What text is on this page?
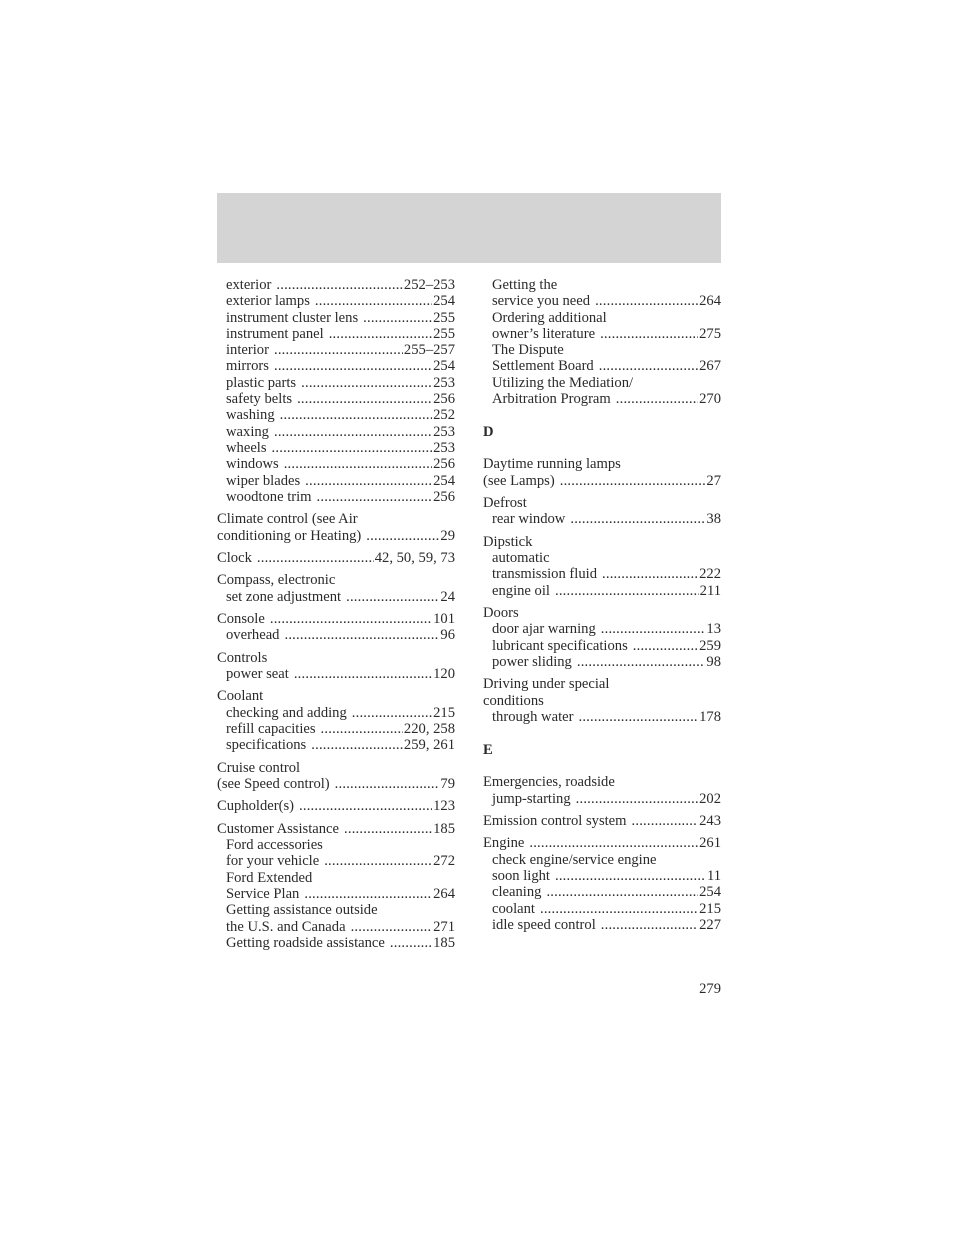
exterior .....	252–253
exterior lamps .....	254
instrument cluster lens .....	255
instrument panel .....	255
interior .....	255–257
mirrors .....	254
plastic parts .....	253
safety belts .....	256
washing .....	252
waxing .....	253
wheels .....	253
windows .....	256
wiper blades .....	254
woodtone trim .....	256
Climate control (see Air
conditioning or Heating) .....	29
Clock .....	42, 50, 59, 73
Compass, electronic
set zone adjustment .....	24
Console .....	101
overhead .....	96
Controls
power seat .....	120
Coolant
checking and adding .....	215
refill capacities .....	220, 258
specifications .....	259, 261
Cruise control
(see Speed control) .....	79
Cupholder(s) .....	123
Customer Assistance .....	185
Ford accessories
for your vehicle .....	272
Ford Extended
Service Plan .....	264
Getting assistance outside
the U.S. and Canada .....	271
Getting roadside assistance .....	185
Getting the
service you need .....	264
Ordering additional
owner’s literature .....	275
The Dispute
Settlement Board .....	267
Utilizing the Mediation/
Arbitration Program .....	270
D
Daytime running lamps
(see Lamps) .....	27
Defrost
rear window .....	38
Dipstick
automatic
transmission fluid .....	222
engine oil .....	211
Doors
door ajar warning .....	13
lubricant specifications .....	259
power sliding .....	98
Driving under special
conditions
through water .....	178
E
Emergencies, roadside
jump-starting .....	202
Emission control system .....	243
Engine .....	261
check engine/service engine
soon light .....	11
cleaning .....	254
coolant .....	215
idle speed control .....	227
279
